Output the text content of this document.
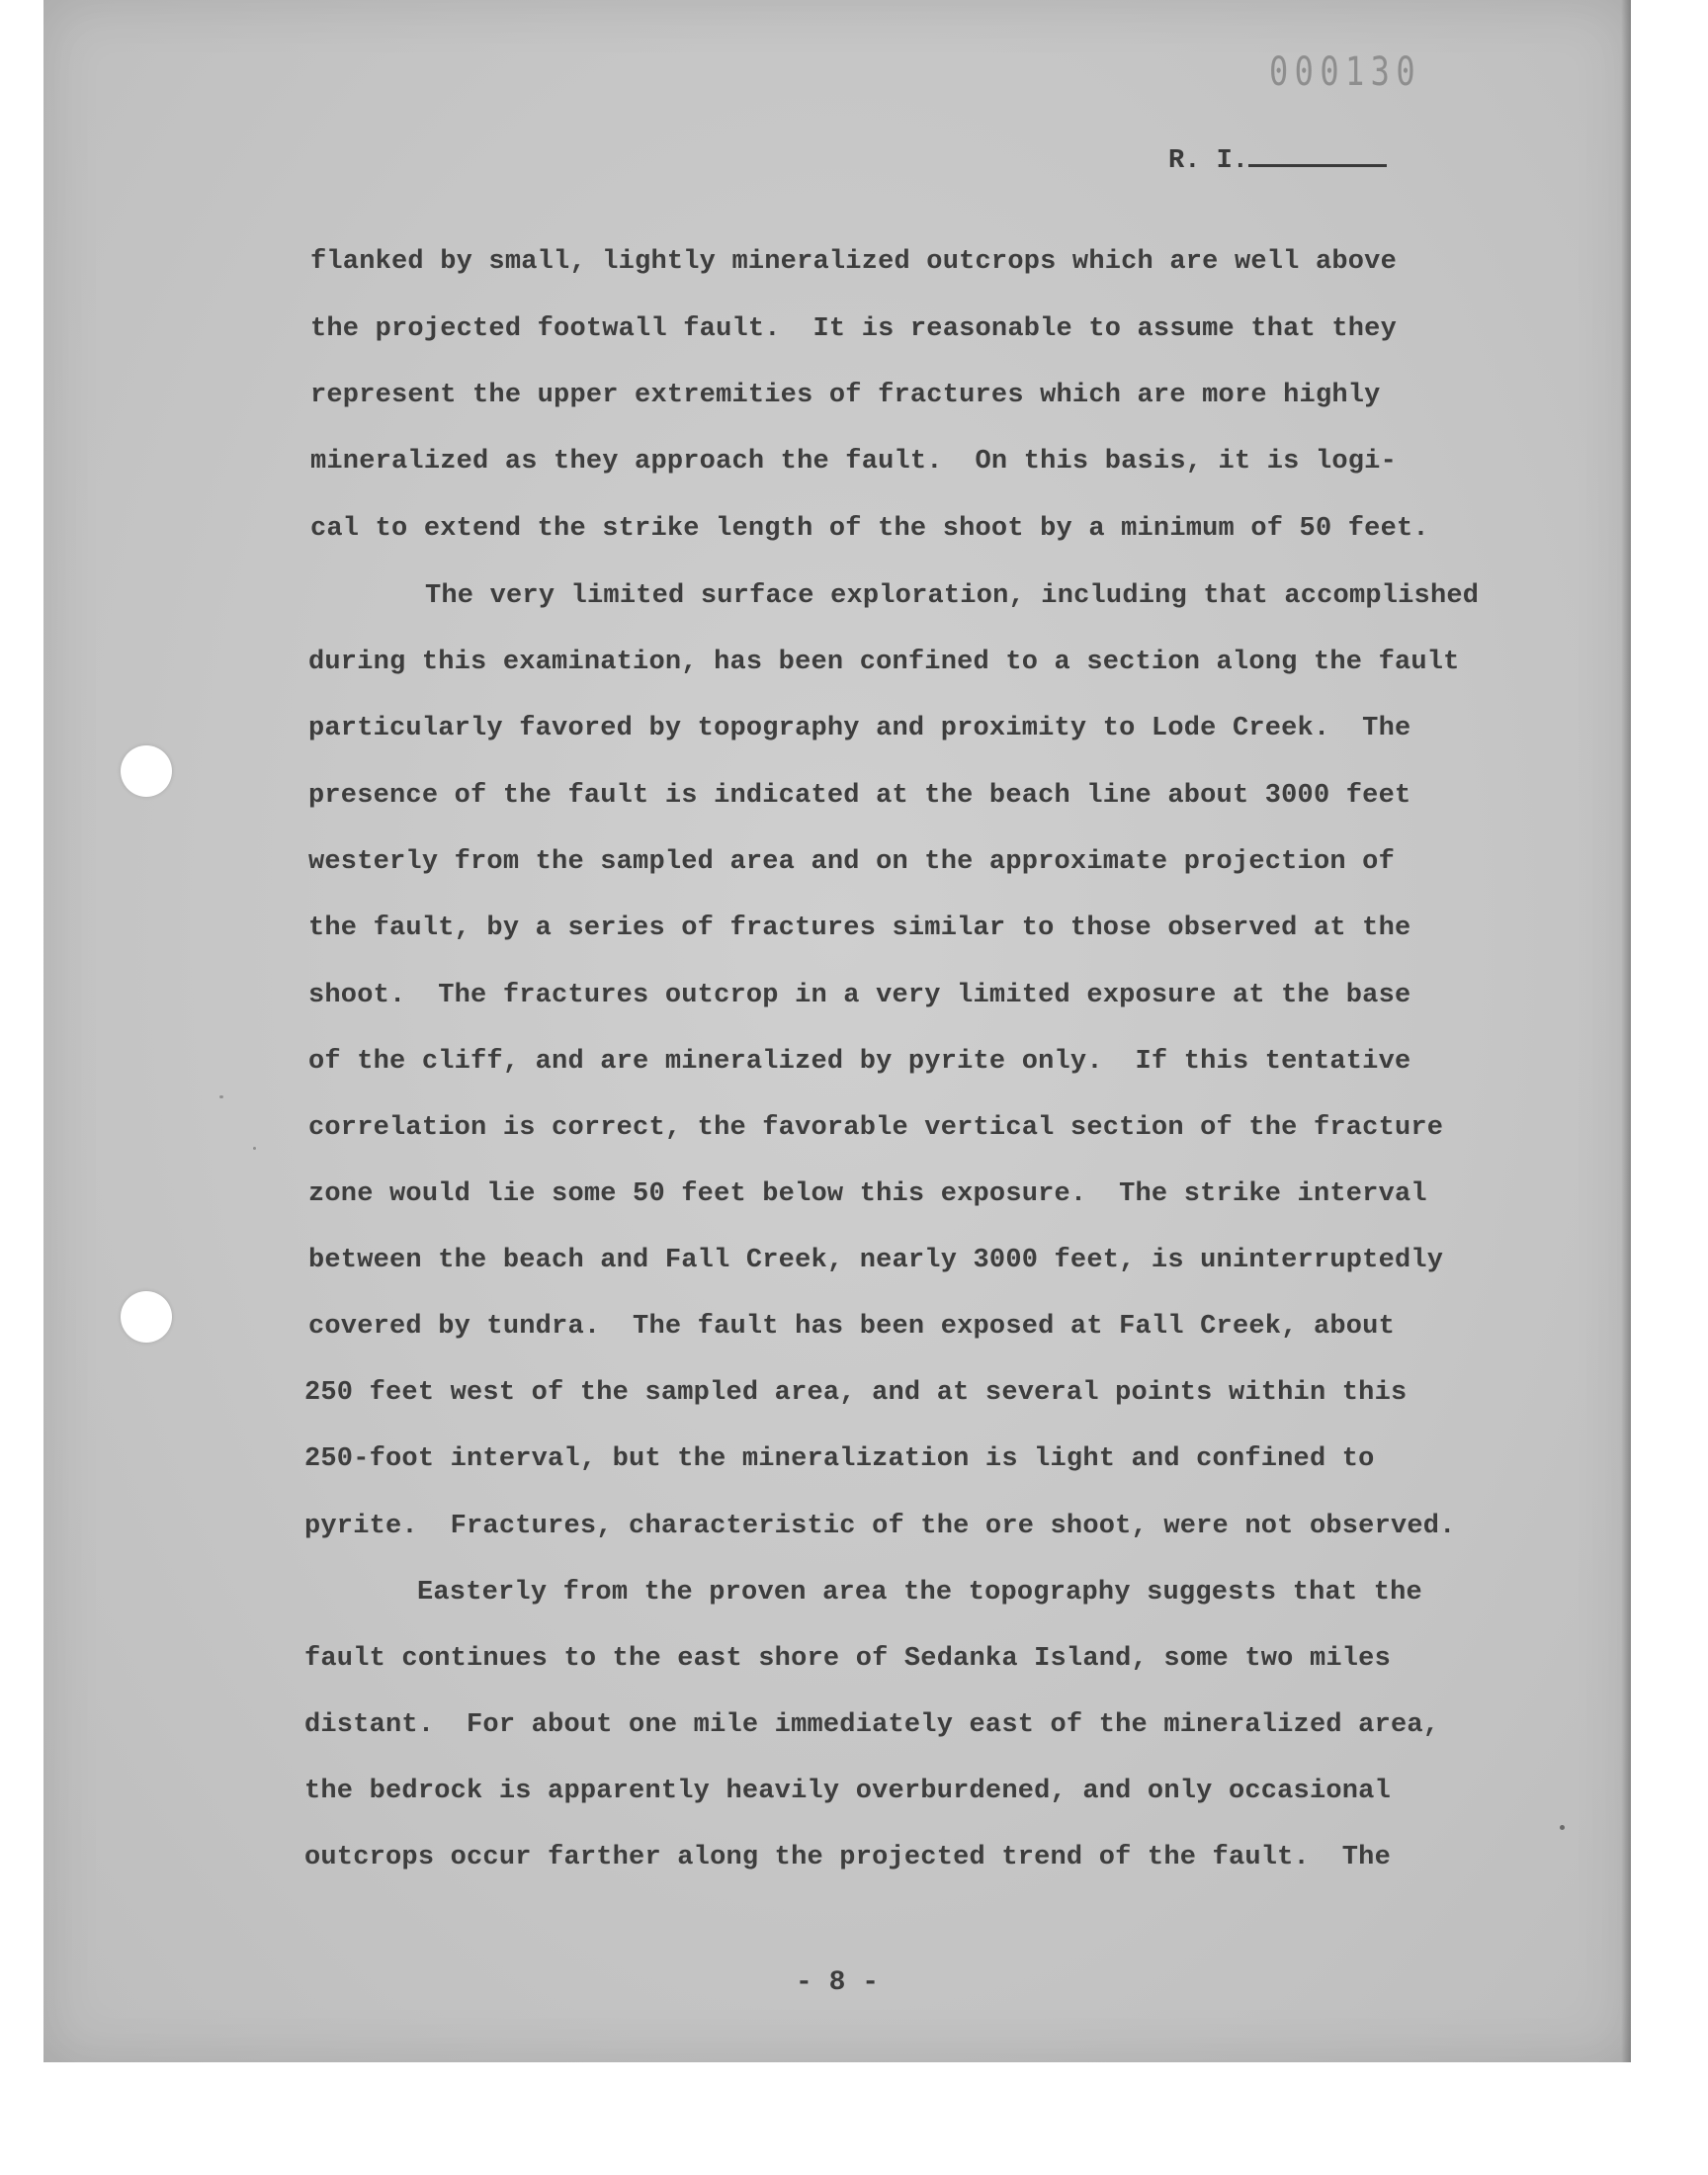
000130
R. I.
flanked by small, lightly mineralized outcrops which are well above
the projected footwall fault.  It is reasonable to assume that they
represent the upper extremities of fractures which are more highly
mineralized as they approach the fault.  On this basis, it is logi-
cal to extend the strike length of the shoot by a minimum of 50 feet.
The very limited surface exploration, including that accomplished
during this examination, has been confined to a section along the fault
particularly favored by topography and proximity to Lode Creek.  The
presence of the fault is indicated at the beach line about 3000 feet
westerly from the sampled area and on the approximate projection of
the fault, by a series of fractures similar to those observed at the
shoot.  The fractures outcrop in a very limited exposure at the base
of the cliff, and are mineralized by pyrite only.  If this tentative
correlation is correct, the favorable vertical section of the fracture
zone would lie some 50 feet below this exposure.  The strike interval
between the beach and Fall Creek, nearly 3000 feet, is uninterruptedly
covered by tundra.  The fault has been exposed at Fall Creek, about
250 feet west of the sampled area, and at several points within this
250-foot interval, but the mineralization is light and confined to
pyrite.  Fractures, characteristic of the ore shoot, were not observed.
Easterly from the proven area the topography suggests that the
fault continues to the east shore of Sedanka Island, some two miles
distant.  For about one mile immediately east of the mineralized area,
the bedrock is apparently heavily overburdened, and only occasional
outcrops occur farther along the projected trend of the fault.  The
- 8 -
